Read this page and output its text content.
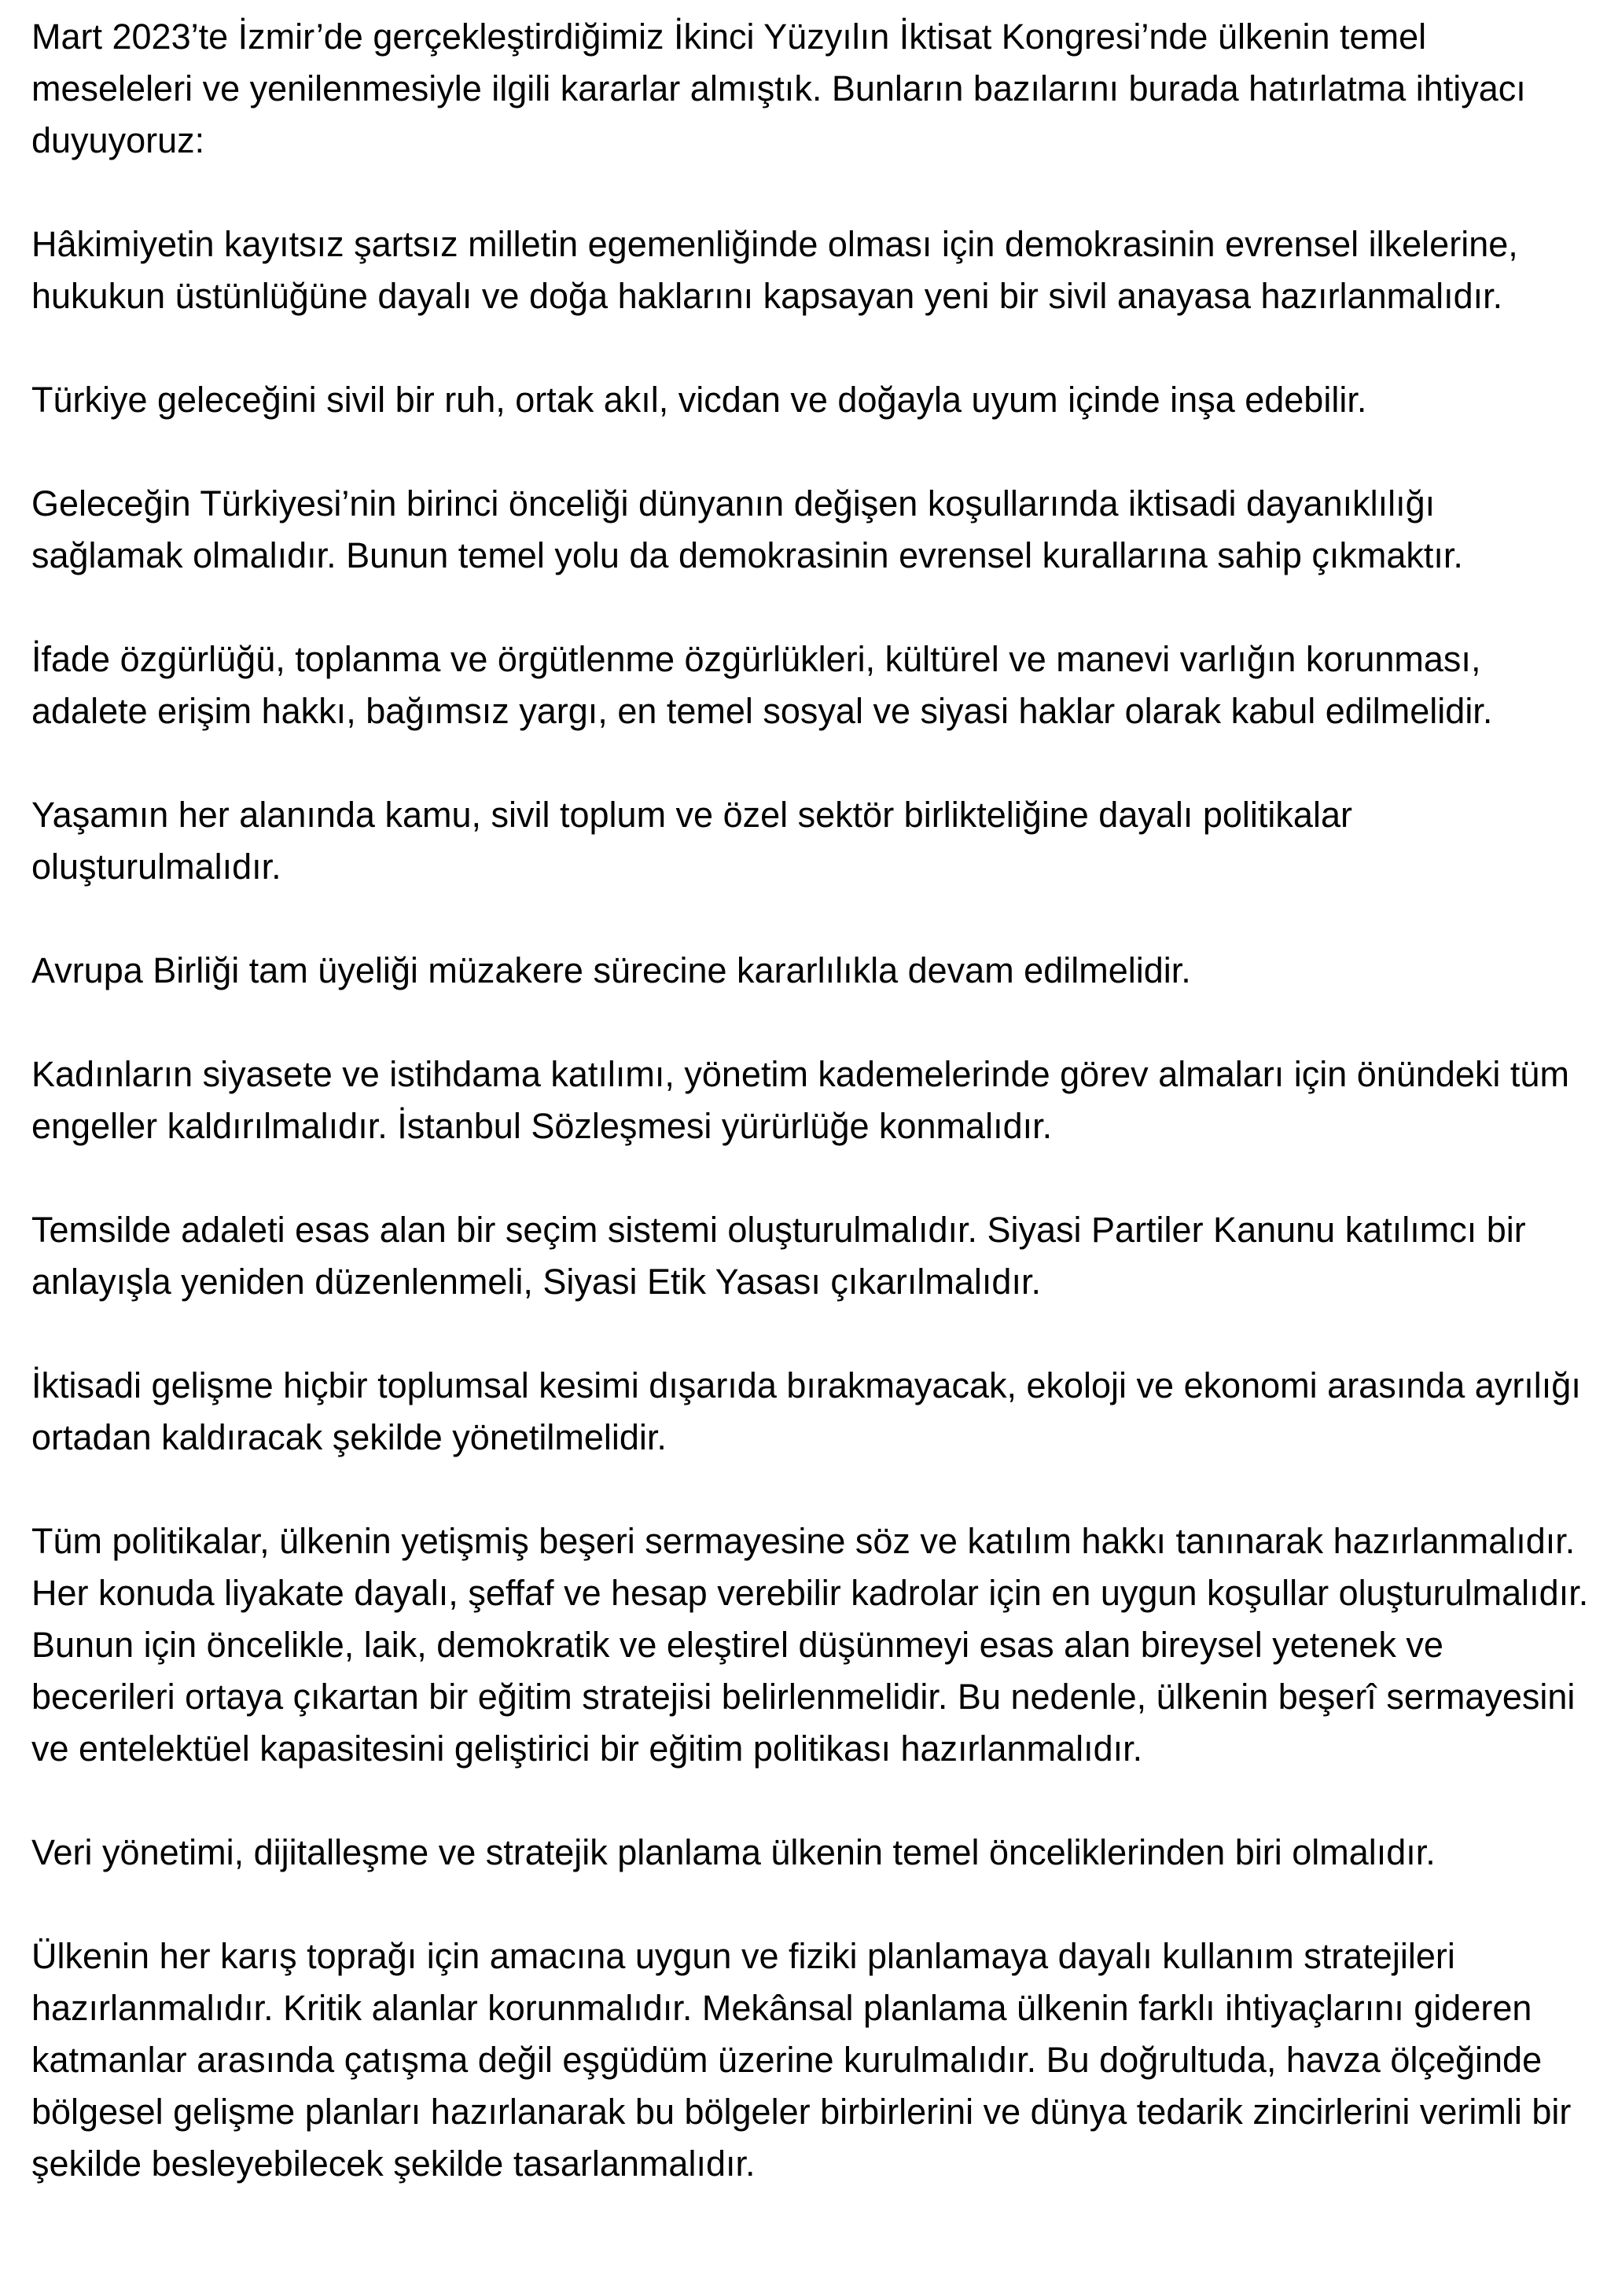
Mart 2023’te İzmir’de gerçekleştirdiğimiz İkinci Yüzyılın İktisat Kongresi’nde ülkenin temel meseleleri ve yenilenmesiyle ilgili kararlar almıştık. Bunların bazılarını burada hatırlatma ihtiyacı duyuyoruz:

Hâkimiyetin kayıtsız şartsız milletin egemenliğinde olması için demokrasinin evrensel ilkelerine, hukukun üstünlüğüne dayalı ve doğa haklarını kapsayan yeni bir sivil anayasa hazırlanmalıdır.

Türkiye geleceğini sivil bir ruh, ortak akıl, vicdan ve doğayla uyum içinde inşa edebilir.

Geleceğin Türkiyesi’nin birinci önceliği dünyanın değişen koşullarında iktisadi dayanıklılığı sağlamak olmalıdır. Bunun temel yolu da demokrasinin evrensel kurallarına sahip çıkmaktır.

İfade özgürlüğü, toplanma ve örgütlenme özgürlükleri, kültürel ve manevi varlığın korunması, adalete erişim hakkı, bağımsız yargı, en temel sosyal ve siyasi haklar olarak kabul edilmelidir.

Yaşamın her alanında kamu, sivil toplum ve özel sektör birlikteliğine dayalı politikalar oluşturulmalıdır.

Avrupa Birliği tam üyeliği müzakere sürecine kararlılıkla devam edilmelidir.

Kadınların siyasete ve istihdama katılımı, yönetim kademelerinde görev almaları için önündeki tüm engeller kaldırılmalıdır. İstanbul Sözleşmesi yürürlüğe konmalıdır.

Temsilde adaleti esas alan bir seçim sistemi oluşturulmalıdır. Siyasi Partiler Kanunu katılımcı bir anlayışla yeniden düzenlenmeli, Siyasi Etik Yasası çıkarılmalıdır.

İktisadi gelişme hiçbir toplumsal kesimi dışarıda bırakmayacak, ekoloji ve ekonomi arasında ayrılığı ortadan kaldıracak şekilde yönetilmelidir.

Tüm politikalar, ülkenin yetişmiş beşeri sermayesine söz ve katılım hakkı tanınarak hazırlanmalıdır. Her konuda liyakate dayalı, şeffaf ve hesap verebilir kadrolar için en uygun koşullar oluşturulmalıdır. Bunun için öncelikle, laik, demokratik ve eleştirel düşünmeyi esas alan bireysel yetenek ve becerileri ortaya çıkartan bir eğitim stratejisi belirlenmelidir. Bu nedenle, ülkenin beşerî sermayesini ve entelektüel kapasitesini geliştirici bir eğitim politikası hazırlanmalıdır.

Veri yönetimi, dijitalleşme ve stratejik planlama ülkenin temel önceliklerinden biri olmalıdır.

Ülkenin her karış toprağı için amacına uygun ve fiziki planlamaya dayalı kullanım stratejileri hazırlanmalıdır. Kritik alanlar korunmalıdır. Mekânsal planlama ülkenin farklı ihtiyaçlarını gideren katmanlar arasında çatışma değil eşgüdüm üzerine kurulmalıdır. Bu doğrultuda, havza ölçeğinde bölgesel gelişme planları hazırlanarak bu bölgeler birbirlerini ve dünya tedarik zincirlerini verimli bir şekilde besleyebilecek şekilde tasarlanmalıdır.
